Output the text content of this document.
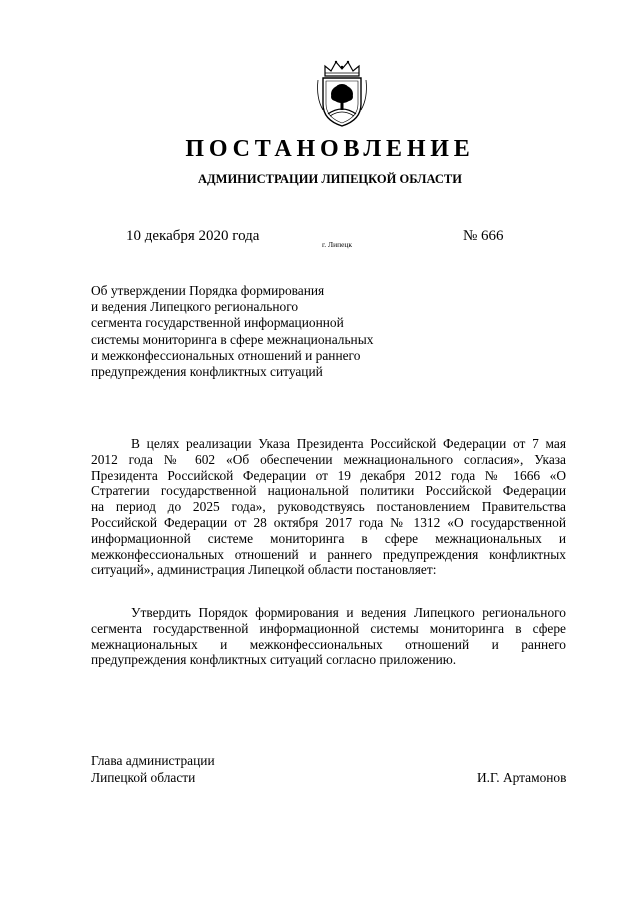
ПОСТАНОВЛЕНИЕ
АДМИНИСТРАЦИИ ЛИПЕЦКОЙ ОБЛАСТИ
10 декабря 2020 года
г. Липецк
№ 666
Об утверждении Порядка формирования
и ведения Липецкого регионального
сегмента государственной информационной
системы мониторинга в сфере межнациональных
и межконфессиональных отношений и раннего
предупреждения конфликтных ситуаций
В целях реализации Указа Президента Российской Федерации от 7 мая
2012 года № 602 «Об обеспечении межнационального согласия», Указа
Президента Российской Федерации от 19 декабря 2012 года № 1666 «О
Стратегии государственной национальной политики Российской Федерации
на период до 2025 года», руководствуясь постановлением Правительства
Российской Федерации от 28 октября 2017 года № 1312 «О государственной
информационной системе мониторинга в сфере межнациональных и
межконфессиональных отношений и раннего предупреждения конфликтных
ситуаций», администрация Липецкой области постановляет:
Утвердить Порядок формирования и ведения Липецкого регионального
сегмента государственной информационной системы мониторинга в сфере
межнациональных и межконфессиональных отношений и раннего
предупреждения конфликтных ситуаций согласно приложению.
Глава администрации
Липецкой области	И.Г. Артамонов
